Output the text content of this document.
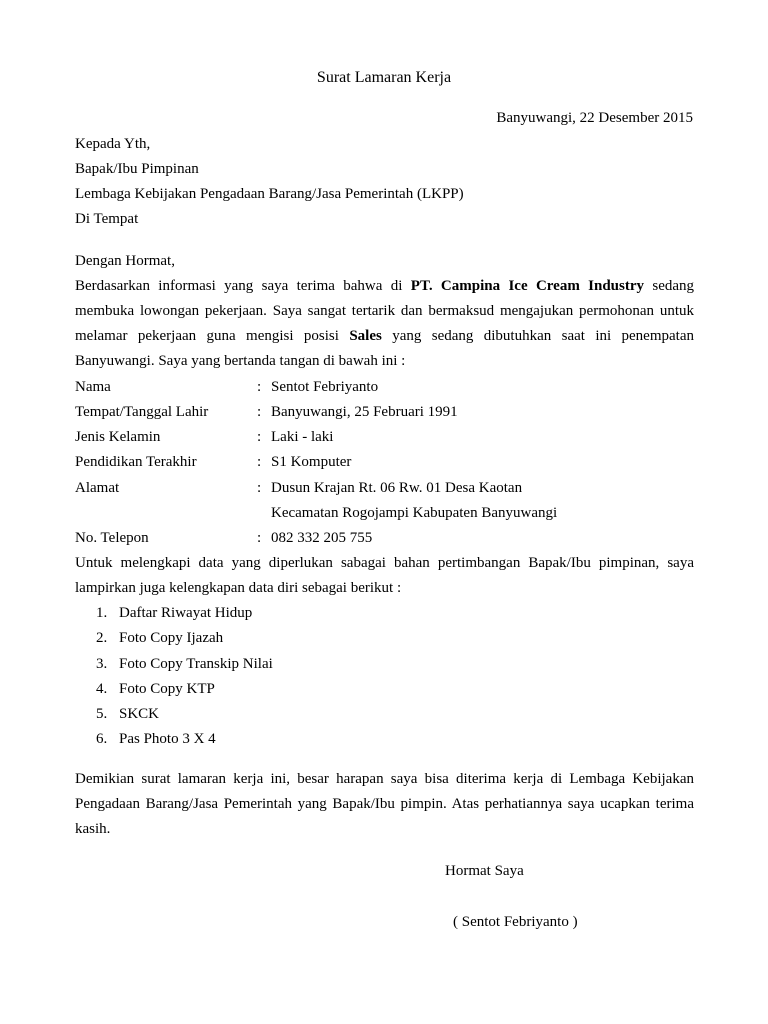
Surat Lamaran Kerja
Banyuwangi, 22 Desember 2015
Kepada Yth,
Bapak/Ibu Pimpinan
Lembaga Kebijakan Pengadaan Barang/Jasa Pemerintah (LKPP)
Di Tempat
Dengan Hormat,
Berdasarkan informasi yang saya terima bahwa di PT. Campina Ice Cream Industry sedang
membuka lowongan pekerjaan. Saya sangat tertarik dan bermaksud mengajukan permohonan untuk
melamar pekerjaan guna mengisi posisi Sales yang sedang dibutuhkan saat ini penempatan
Banyuwangi. Saya yang bertanda tangan di bawah ini :
Nama	: Sentot Febriyanto
Tempat/Tanggal Lahir	: Banyuwangi, 25 Februari 1991
Jenis Kelamin	: Laki - laki
Pendidikan Terakhir	: S1 Komputer
Alamat	: Dusun Krajan Rt. 06 Rw. 01 Desa Kaotan
Kecamatan Rogojampi Kabupaten Banyuwangi
No. Telepon	: 082 332 205 755
Untuk melengkapi data yang diperlukan sabagai bahan pertimbangan Bapak/Ibu pimpinan, saya
lampirkan juga kelengkapan data diri sebagai berikut :
1. Daftar Riwayat Hidup
2. Foto Copy Ijazah
3. Foto Copy Transkip Nilai
4. Foto Copy KTP
5. SKCK
6. Pas Photo 3 X 4
Demikian surat lamaran kerja ini, besar harapan saya bisa diterima kerja di Lembaga Kebijakan
Pengadaan Barang/Jasa Pemerintah yang Bapak/Ibu pimpin. Atas perhatiannya saya ucapkan terima
kasih.
Hormat Saya
( Sentot Febriyanto )
